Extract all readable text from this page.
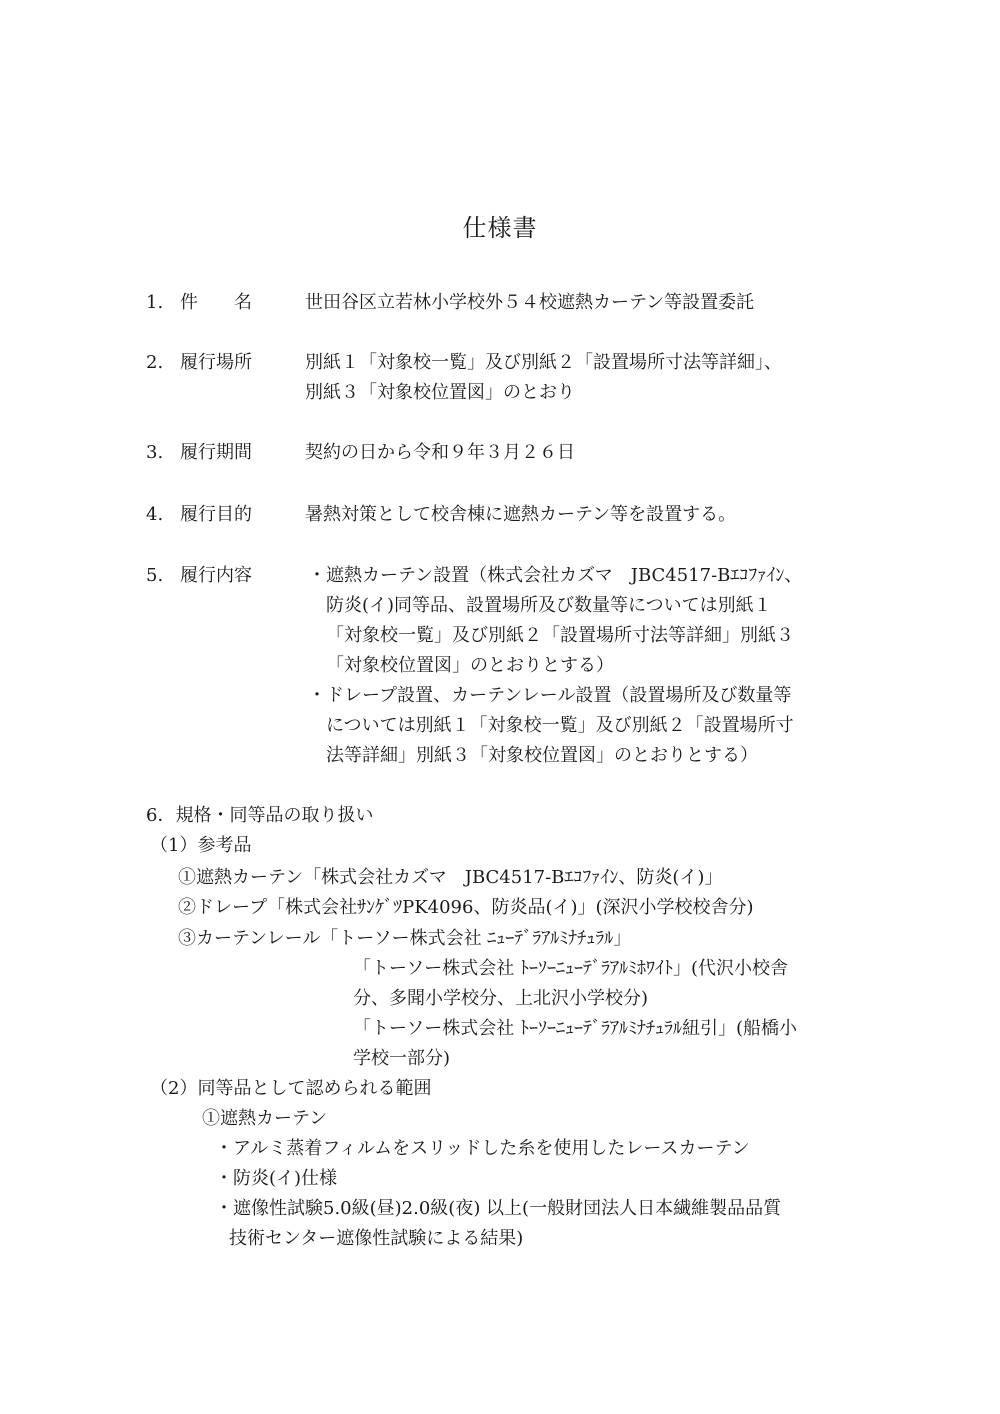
仕様書
1. 件　　名	世田谷区立若林小学校外５４校遮熱カーテン等設置委託
2. 履行場所	別紙１「対象校一覧」及び別紙２「設置場所寸法等詳細」、
別紙３「対象校位置図」のとおり
3. 履行期間	契約の日から令和９年３月２６日
4. 履行目的	暑熱対策として校舎棟に遮熱カーテン等を設置する。
5. 履行内容	・遮熱カーテン設置（株式会社カズマ　JBC4517-Bｴｺﾌｧｲﾝ、
防炎(イ)同等品、設置場所及び数量等については別紙１
「対象校一覧」及び別紙２「設置場所寸法等詳細」別紙３
「対象校位置図」のとおりとする）
・ドレープ設置、カーテンレール設置（設置場所及び数量等
については別紙１「対象校一覧」及び別紙２「設置場所寸
法等詳細」別紙３「対象校位置図」のとおりとする）
6．規格・同等品の取り扱い
（1）参考品
①遮熱カーテン「株式会社カズマ　JBC4517-Bｴｺﾌｧｲﾝ、防炎(イ)」
②ドレープ「株式会社ｻﾝｹﾞﾂPK4096、防炎品(イ)」(深沢小学校校舎分)
③カーテンレール「トーソー株式会社 ﾆｭｰﾃﾞﾗｱﾙﾐﾅﾁｭﾗﾙ」
「トーソー株式会社 ﾄｰｿｰﾆｭｰﾃﾞﾗｱﾙﾐﾎﾜｲﾄ」(代沢小校舎
分、多聞小学校分、上北沢小学校分)
「トーソー株式会社 ﾄｰｿｰﾆｭｰﾃﾞﾗｱﾙﾐﾅﾁｭﾗﾙ紐引」(船橋小
学校一部分)
（2）同等品として認められる範囲
①遮熱カーテン
・アルミ蒸着フィルムをスリッドした糸を使用したレースカーテン
・防炎(イ)仕様
・遮像性試験5.0級(昼)2.0級(夜) 以上(一般財団法人日本繊維製品品質
技術センター遮像性試験による結果)
